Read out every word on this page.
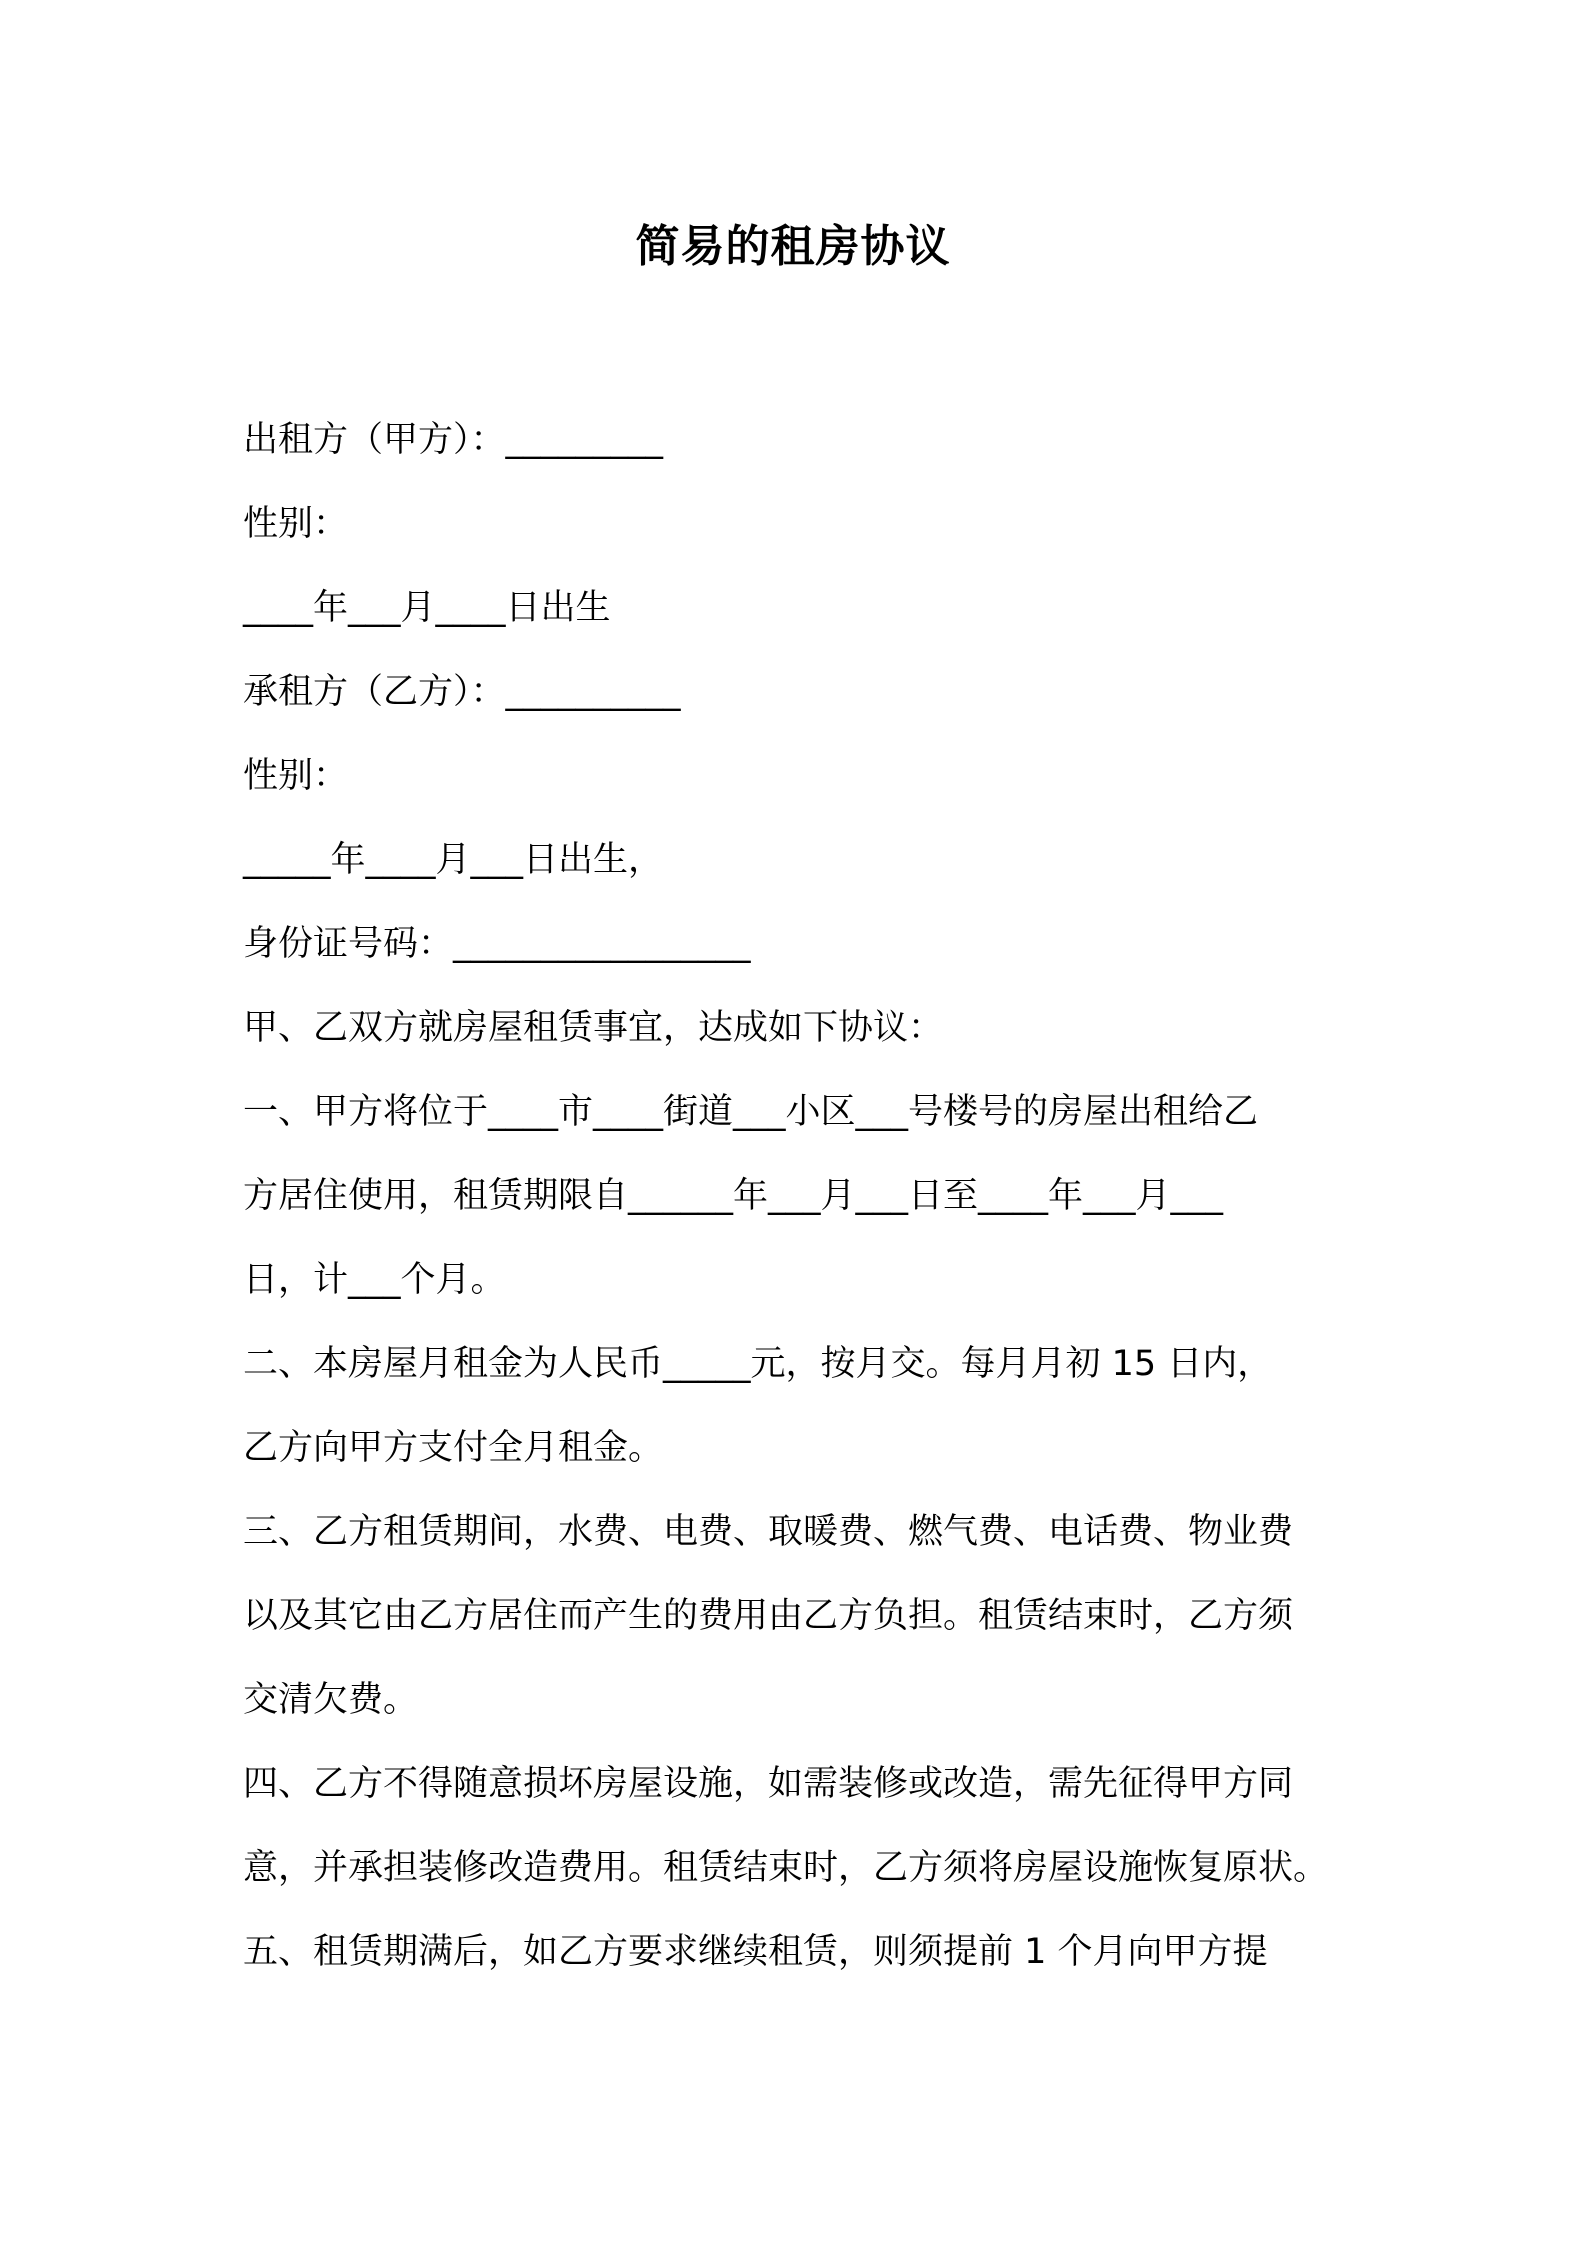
简易的租房协议
出租方（甲方）：_________
性别：
____年___月____日出生
承租方（乙方）：__________
性别：
_____年____月___日出生，
身份证号码：_________________
甲、乙双方就房屋租赁事宜，达成如下协议：
一、甲方将位于____市____街道___小区___号楼号的房屋出租给乙
方居住使用，租赁期限自______年___月___日至____年___月___
日，计___个月。
二、本房屋月租金为人民币_____元，按月交。每月月初 15 日内，
乙方向甲方支付全月租金。
三、乙方租赁期间，水费、电费、取暖费、燃气费、电话费、物业费
以及其它由乙方居住而产生的费用由乙方负担。租赁结束时，乙方须
交清欠费。
四、乙方不得随意损坏房屋设施，如需装修或改造，需先征得甲方同
意，并承担装修改造费用。租赁结束时，乙方须将房屋设施恢复原状。
五、租赁期满后，如乙方要求继续租赁，则须提前 1 个月向甲方提
